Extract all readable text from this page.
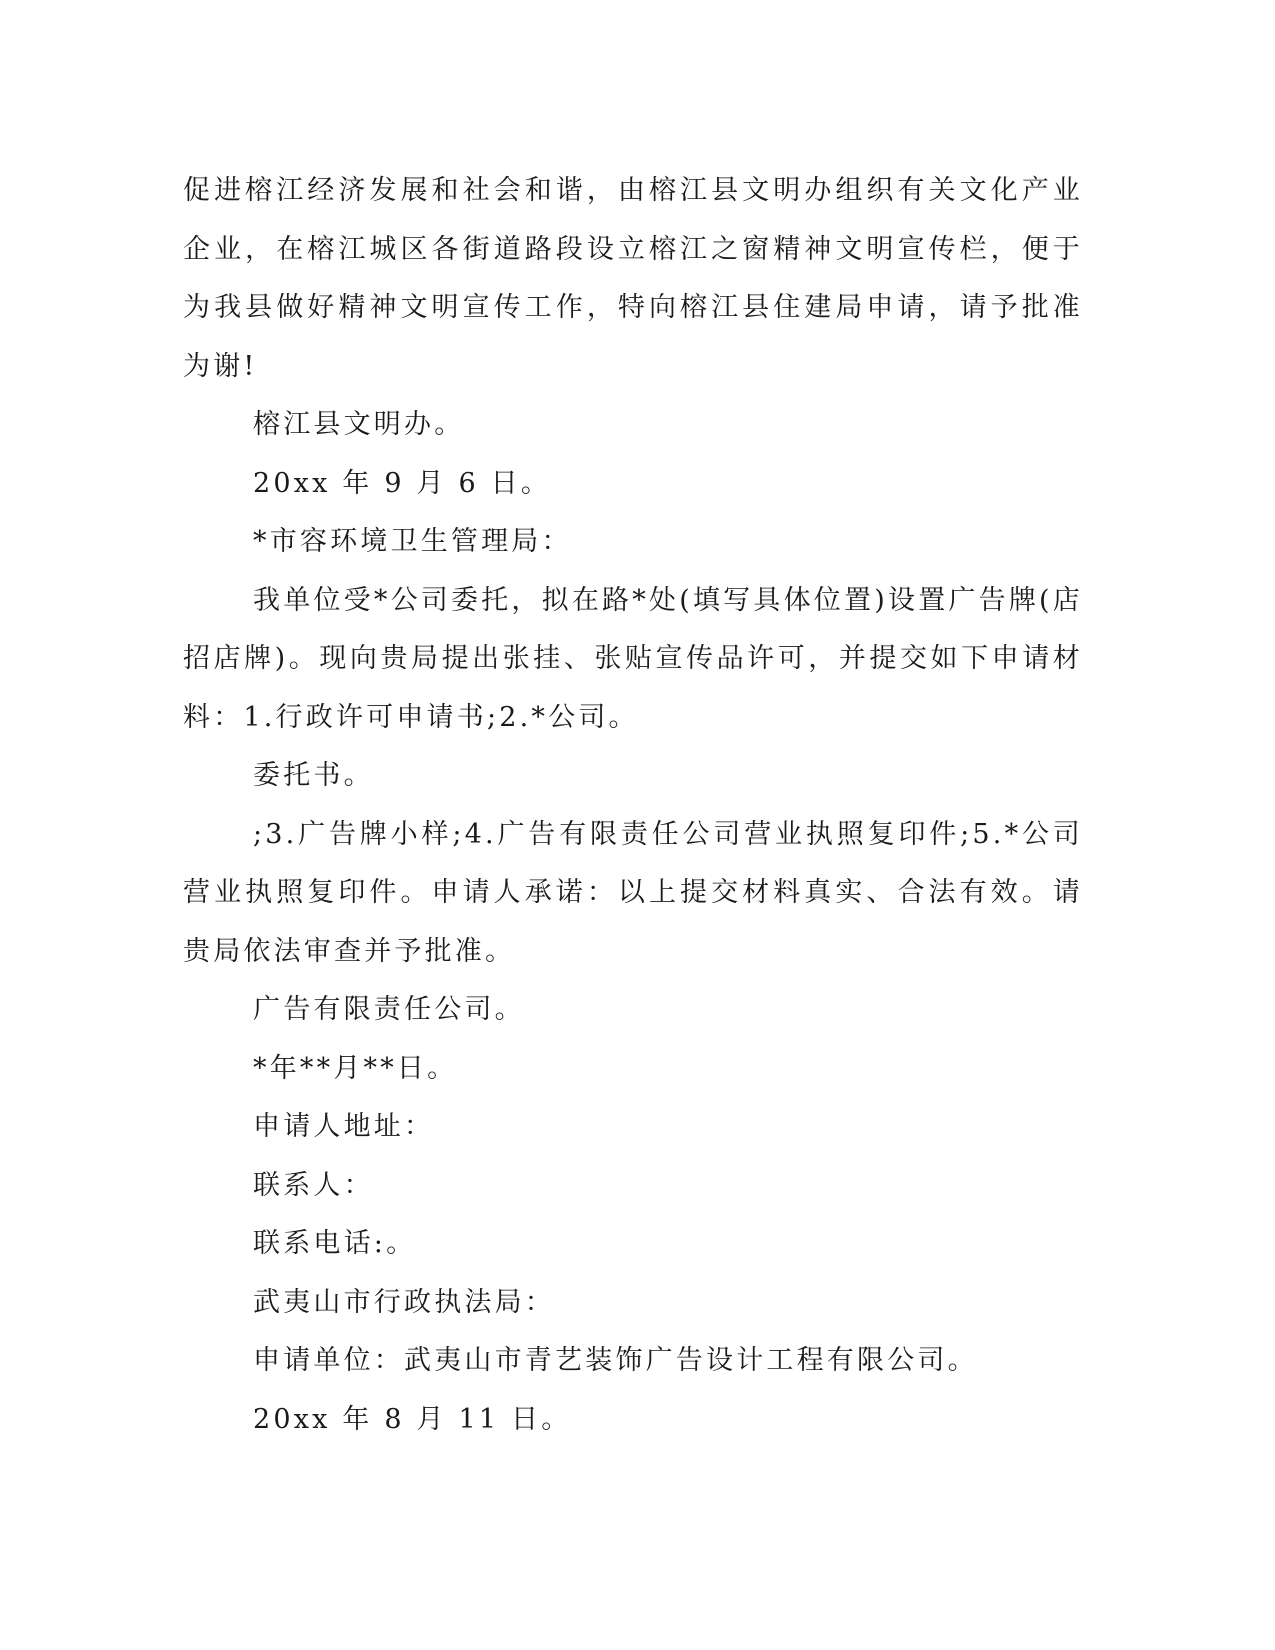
促进榕江经济发展和社会和谐，由榕江县文明办组织有关文化产业企业，在榕江城区各街道路段设立榕江之窗精神文明宣传栏，便于为我县做好精神文明宣传工作，特向榕江县住建局申请，请予批准为谢!

榕江县文明办。

20xx 年 9 月 6 日。

*市容环境卫生管理局：

我单位受*公司委托，拟在路*处(填写具体位置)设置广告牌(店招店牌)。现向贵局提出张挂、张贴宣传品许可，并提交如下申请材料：1.行政许可申请书;2.*公司。

委托书。

;3.广告牌小样;4.广告有限责任公司营业执照复印件;5.*公司营业执照复印件。申请人承诺：以上提交材料真实、合法有效。请贵局依法审查并予批准。

广告有限责任公司。

*年**月**日。

申请人地址：

联系人：

联系电话:。

武夷山市行政执法局：

申请单位：武夷山市青艺装饰广告设计工程有限公司。

20xx 年 8 月 11 日。
